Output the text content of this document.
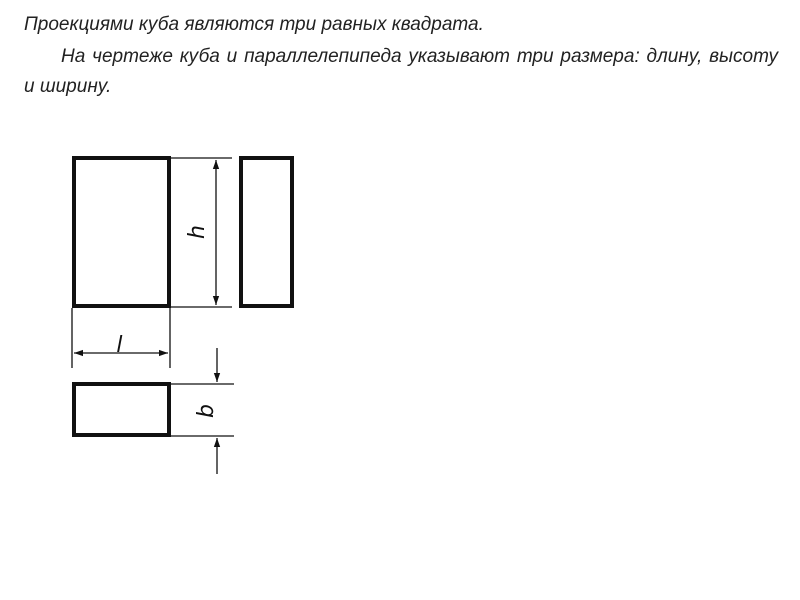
Проекциями куба являются три равных квадрата.
На чертеже куба и параллелепипеда указывают три размера: длину, высоту и ширину.
h
l
b
